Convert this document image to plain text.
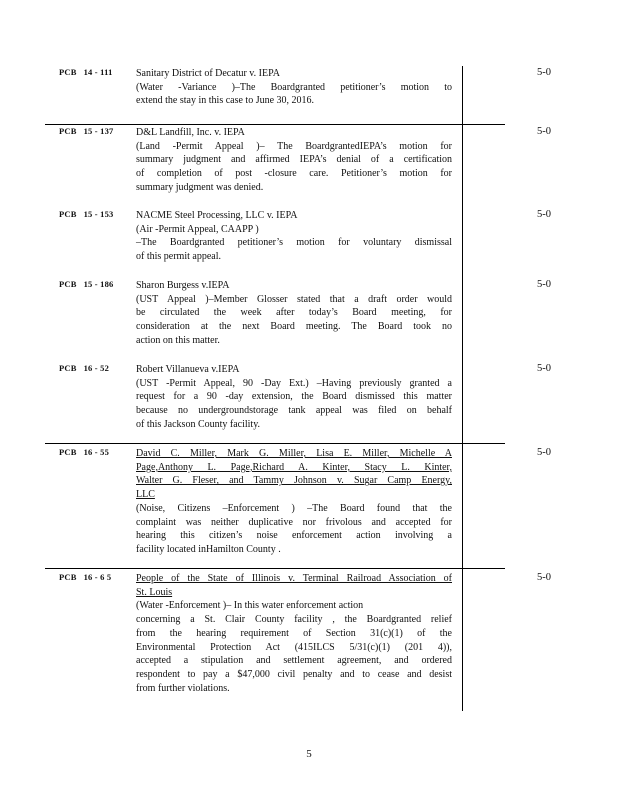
PCB   14 - 111 Sanitary District of Decatur v. IEPA
(Water -Variance )–The Boardgranted petitioner’s motion to
extend the stay in this case to June 30, 2016.
5-0
PCB   15 - 137 D&L Landfill, Inc. v. IEPA
(Land -Permit Appeal )– The BoardgrantedIEPA’s motion for
summary judgment and affirmed IEPA’s denial of a certification
of completion of post -closure care. Petitioner’s motion for
summary judgment was denied.
5-0
PCB   15 - 153 NACME Steel Processing, LLC v. IEPA
(Air -Permit Appeal, CAAPP )
–The Boardgranted petitioner’s motion for voluntary dismissal
of this permit appeal.
5-0
PCB   15 - 186 Sharon Burgess v.IEPA
(UST Appeal )–Member Glosser stated that a draft order would
be circulated the week after today’s Board meeting, for
consideration at the next Board meeting. The Board took no
action on this matter.
5-0
PCB   16 - 52	Robert Villanueva v.IEPA
(UST -Permit Appeal, 90 -Day Ext.) –Having previously granted a
request for a 90 -day extension, the Board dismissed this matter
because no undergroundstorage tank appeal was filed on behalf
of this Jackson County facility.
5-0
PCB   16 - 55	David C. Miller, Mark G. Miller, Lisa E. Miller, Michelle A
Page,Anthony L. Page,Richard A. Kinter, Stacy L. Kinter,
Walter G. Fleser, and Tammy Johnson v. Sugar Camp Energy,
LLC
(Noise, Citizens –Enforcement ) –The Board found that the
complaint was neither duplicative nor frivolous and accepted for
hearing this citizen’s noise enforcement action involving a
facility located inHamilton County .
5-0
PCB   16 - 6 5 People of the State of Illinois v. Terminal Railroad Association of
St. Louis
(Water -Enforcement )– In this water enforcement action
concerning a St. Clair County facility , the Boardgranted relief
from the hearing requirement of Section 31(c)(1) of the
Environmental Protection Act (415ILCS 5/31(c)(1) (201 4)),
accepted a stipulation and settlement agreement, and ordered
respondent to pay a $47,000 civil penalty and to cease and desist
from further violations.
5-0
5
